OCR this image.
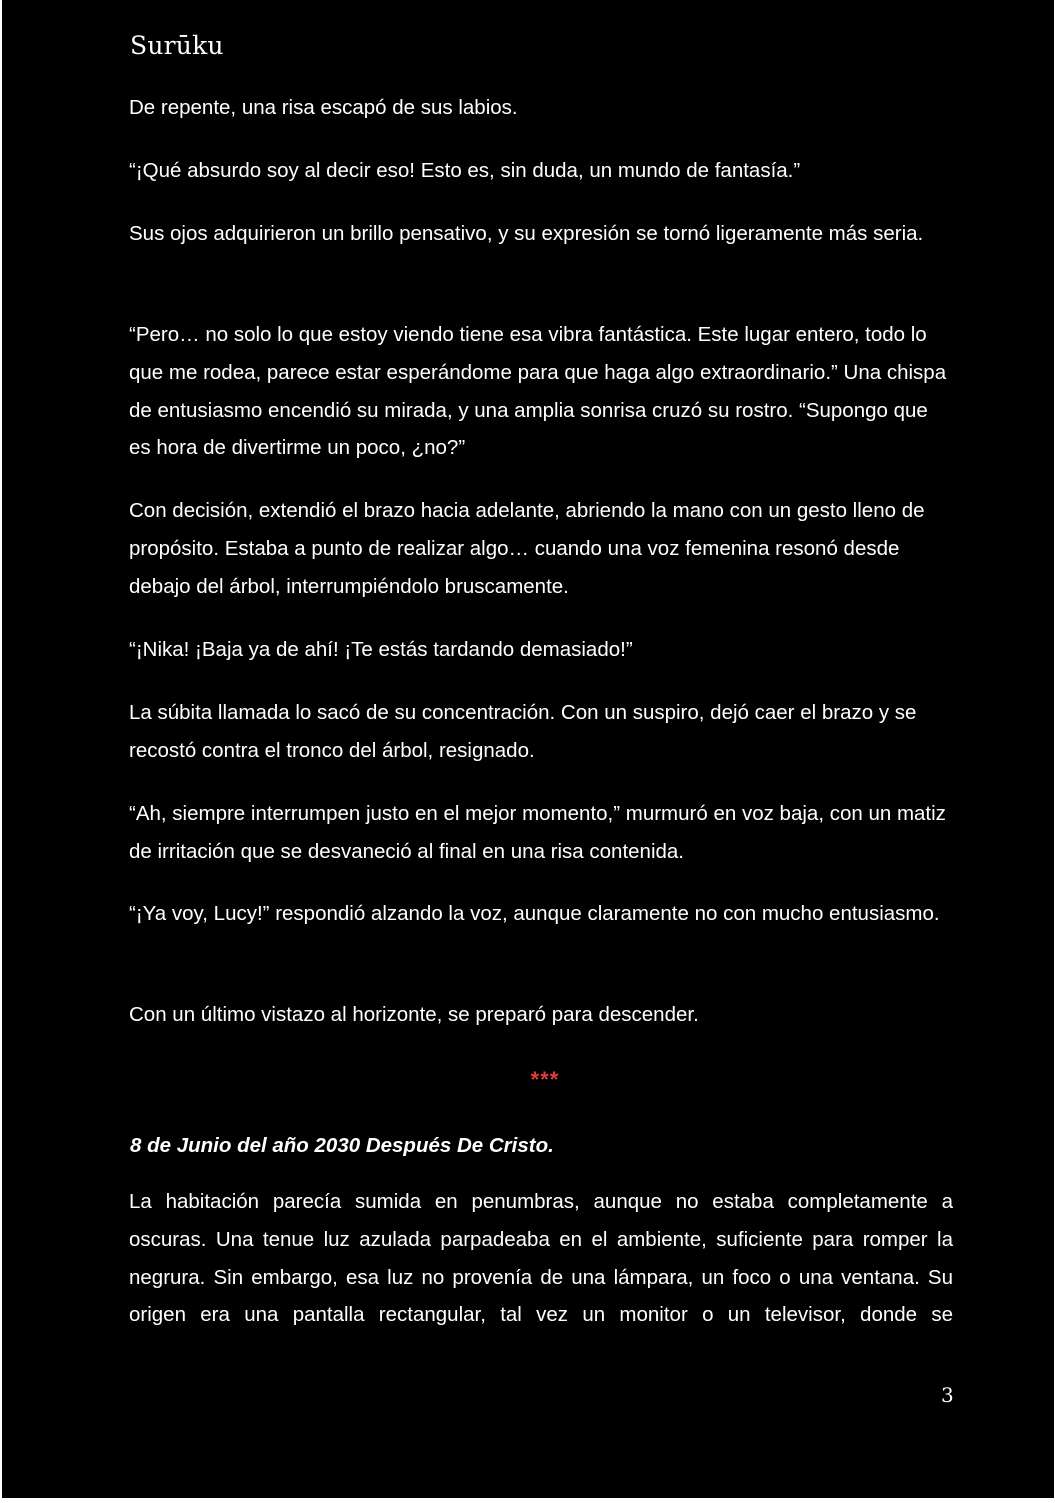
Surūku

De repente, una risa escapó de sus labios.

“¡Qué absurdo soy al decir eso! Esto es, sin duda, un mundo de fantasía.”

Sus ojos adquirieron un brillo pensativo, y su expresión se tornó ligeramente más seria.

“Pero… no solo lo que estoy viendo tiene esa vibra fantástica. Este lugar entero, todo lo que me rodea, parece estar esperándome para que haga algo extraordinario.” Una chispa de entusiasmo encendió su mirada, y una amplia sonrisa cruzó su rostro. “Supongo que es hora de divertirme un poco, ¿no?”

Con decisión, extendió el brazo hacia adelante, abriendo la mano con un gesto lleno de propósito. Estaba a punto de realizar algo… cuando una voz femenina resonó desde debajo del árbol, interrumpiéndolo bruscamente.

“¡Nika! ¡Baja ya de ahí! ¡Te estás tardando demasiado!”

La súbita llamada lo sacó de su concentración. Con un suspiro, dejó caer el brazo y se recostó contra el tronco del árbol, resignado.

“Ah, siempre interrumpen justo en el mejor momento,” murmuró en voz baja, con un matiz de irritación que se desvaneció al final en una risa contenida.

“¡Ya voy, Lucy!” respondió alzando la voz, aunque claramente no con mucho entusiasmo.

Con un último vistazo al horizonte, se preparó para descender.

***
8 de Junio del año 2030 Después De Cristo.

La habitación parecía sumida en penumbras, aunque no estaba completamente a oscuras. Una tenue luz azulada parpadeaba en el ambiente, suficiente para romper la negrura. Sin embargo, esa luz no provenía de una lámpara, un foco o una ventana. Su origen era una pantalla rectangular, tal vez un monitor o un televisor, donde se

3
